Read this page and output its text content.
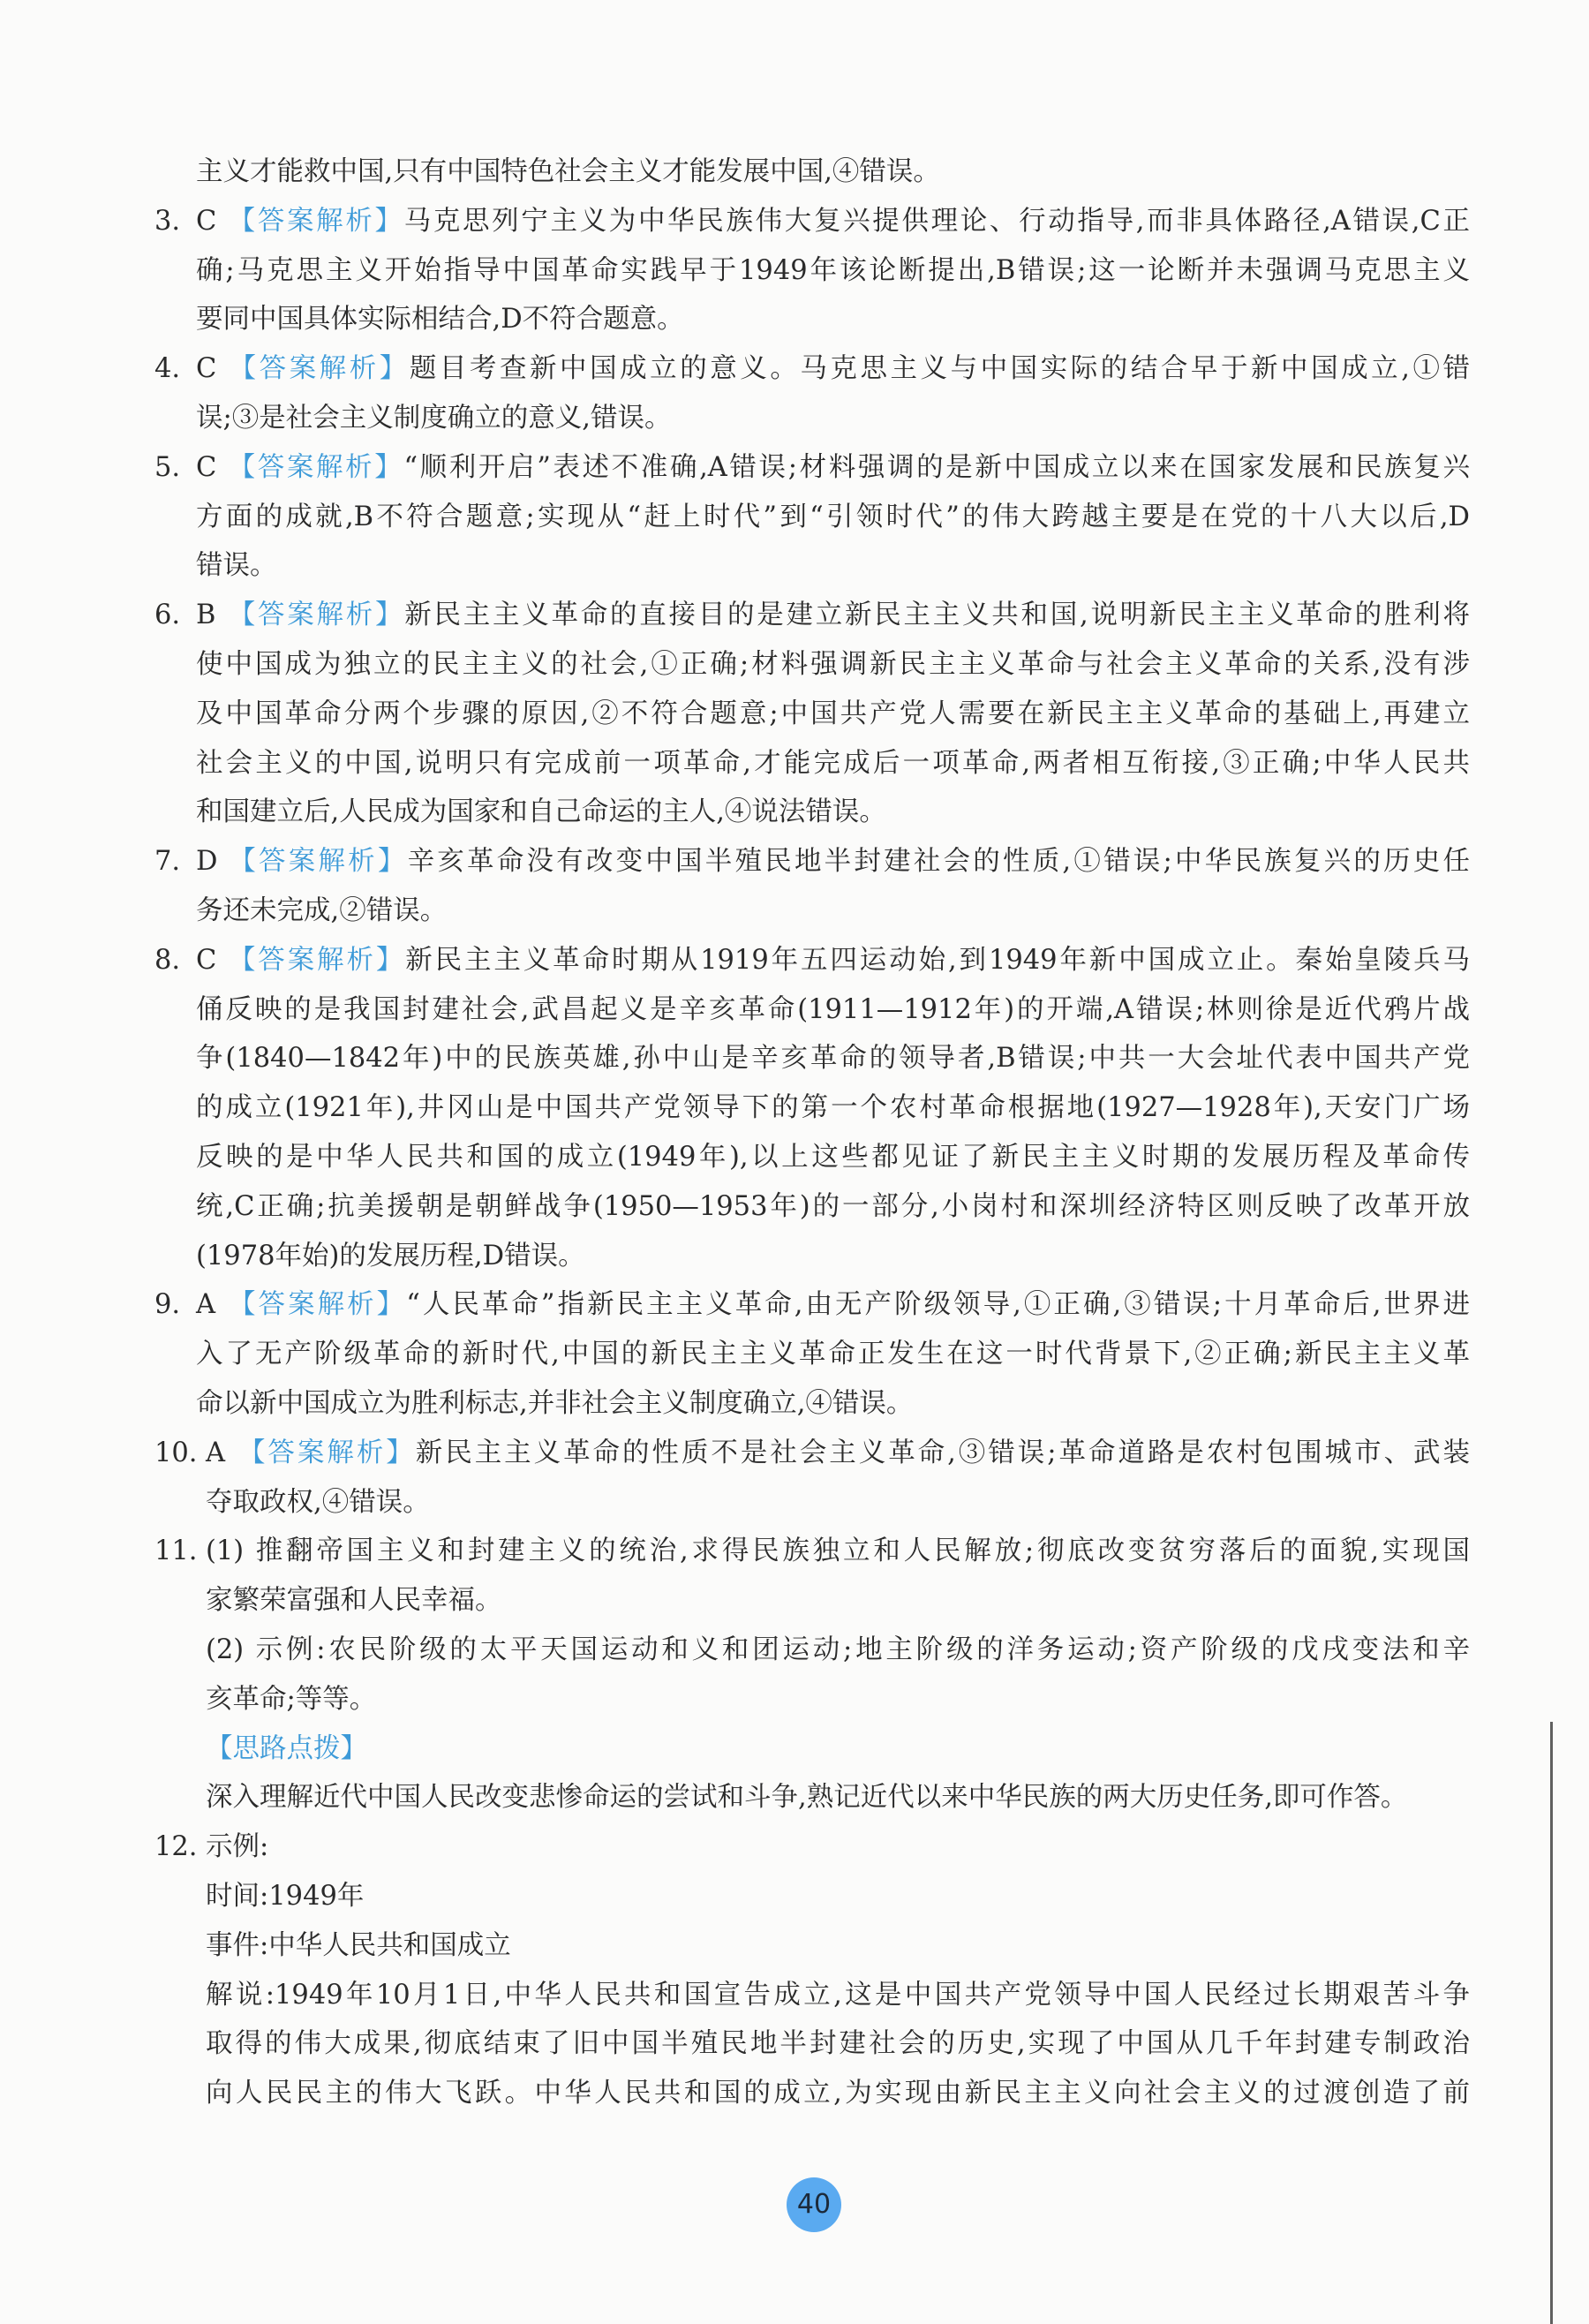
主义才能救中国,只有中国特色社会主义才能发展中国,④错误。
3. C 【答案解析】马克思列宁主义为中华民族伟大复兴提供理论、行动指导,而非具体路径,A错误,C正
确;马克思主义开始指导中国革命实践早于1949年该论断提出,B错误;这一论断并未强调马克思主义
要同中国具体实际相结合,D不符合题意。
4. C 【答案解析】题目考查新中国成立的意义。马克思主义与中国实际的结合早于新中国成立,①错
误;③是社会主义制度确立的意义,错误。
5. C 【答案解析】“顺利开启”表述不准确,A错误;材料强调的是新中国成立以来在国家发展和民族复兴
方面的成就,B不符合题意;实现从“赶上时代”到“引领时代”的伟大跨越主要是在党的十八大以后,D
错误。
6. B 【答案解析】新民主主义革命的直接目的是建立新民主主义共和国,说明新民主主义革命的胜利将
使中国成为独立的民主主义的社会,①正确;材料强调新民主主义革命与社会主义革命的关系,没有涉
及中国革命分两个步骤的原因,②不符合题意;中国共产党人需要在新民主主义革命的基础上,再建立
社会主义的中国,说明只有完成前一项革命,才能完成后一项革命,两者相互衔接,③正确;中华人民共
和国建立后,人民成为国家和自己命运的主人,④说法错误。
7. D 【答案解析】辛亥革命没有改变中国半殖民地半封建社会的性质,①错误;中华民族复兴的历史任
务还未完成,②错误。
8. C 【答案解析】新民主主义革命时期从1919年五四运动始,到1949年新中国成立止。秦始皇陵兵马
俑反映的是我国封建社会,武昌起义是辛亥革命(1911—1912年)的开端,A错误;林则徐是近代鸦片战
争(1840—1842年)中的民族英雄,孙中山是辛亥革命的领导者,B错误;中共一大会址代表中国共产党
的成立(1921年),井冈山是中国共产党领导下的第一个农村革命根据地(1927—1928年),天安门广场
反映的是中华人民共和国的成立(1949年),以上这些都见证了新民主主义时期的发展历程及革命传
统,C正确;抗美援朝是朝鲜战争(1950—1953年)的一部分,小岗村和深圳经济特区则反映了改革开放
(1978年始)的发展历程,D错误。
9. A 【答案解析】“人民革命”指新民主主义革命,由无产阶级领导,①正确,③错误;十月革命后,世界进
入了无产阶级革命的新时代,中国的新民主主义革命正发生在这一时代背景下,②正确;新民主主义革
命以新中国成立为胜利标志,并非社会主义制度确立,④错误。
10. A 【答案解析】新民主主义革命的性质不是社会主义革命,③错误;革命道路是农村包围城市、武装
夺取政权,④错误。
11. (1) 推翻帝国主义和封建主义的统治,求得民族独立和人民解放;彻底改变贫穷落后的面貌,实现国
家繁荣富强和人民幸福。
(2) 示例:农民阶级的太平天国运动和义和团运动;地主阶级的洋务运动;资产阶级的戊戌变法和辛
亥革命;等等。
【思路点拨】
深入理解近代中国人民改变悲惨命运的尝试和斗争,熟记近代以来中华民族的两大历史任务,即可作答。
12. 示例:
时间:1949年
事件:中华人民共和国成立
解说:1949年10月1日,中华人民共和国宣告成立,这是中国共产党领导中国人民经过长期艰苦斗争
取得的伟大成果,彻底结束了旧中国半殖民地半封建社会的历史,实现了中国从几千年封建专制政治
向人民民主的伟大飞跃。中华人民共和国的成立,为实现由新民主主义向社会主义的过渡创造了前
40
